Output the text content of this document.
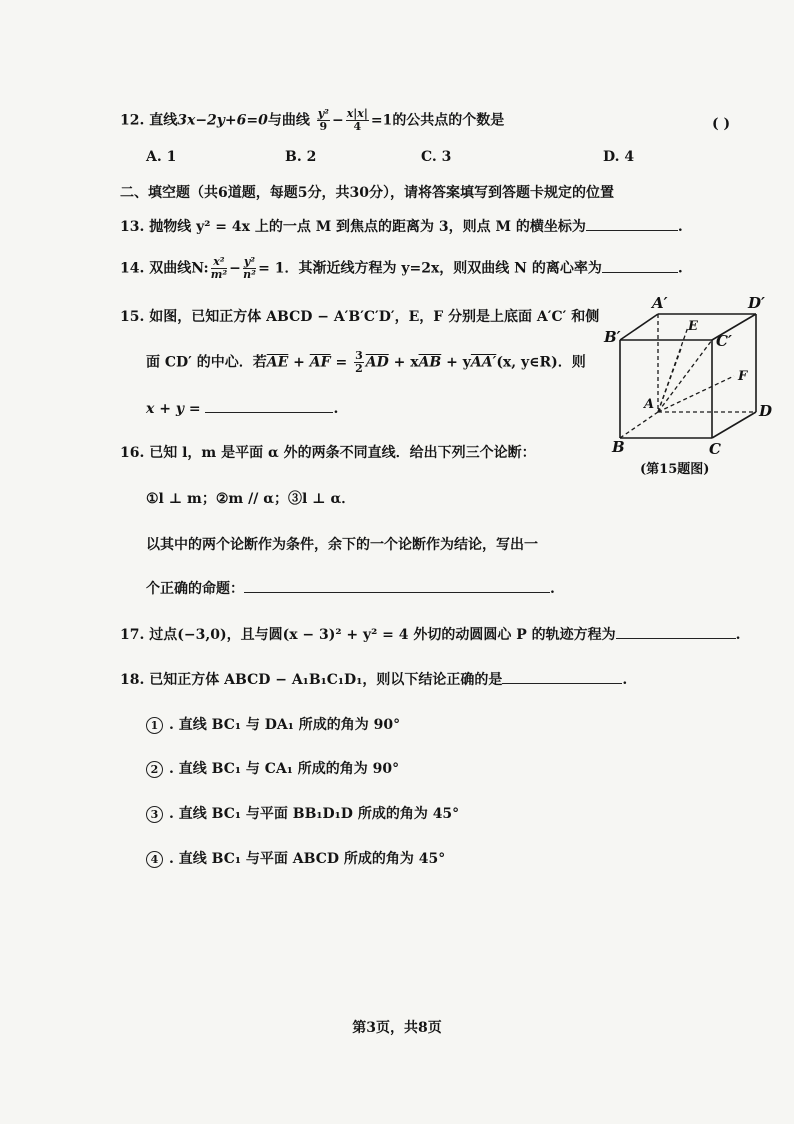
12. 直线3x−2y+6=0与曲线 $\frac{\text{y²}}{9} - \frac{x|x|}{4} =1$的公共点的个数是	( )
A. 1	B. 2	C. 3	D. 4
二、填空题（共6道题，每题5分，共30分），请将答案填写到答题卡规定的位置
13. 抛物线 y² = 4x 上的一点 M 到焦点的距离为 3，则点 M 的横坐标为	.
14. 双曲线N: $\frac{\text{x²}}{\text{m²}} - \frac{\text{y²}}{\text{n²}} = 1$．其渐近线方程为 y=2x，则双曲线 N 的离心率为	.
15. 如图，已知正方体 ABCD − A′B′C′D′，E，F 分别是上底面 A′C′ 和侧
面 CD′ 的中心．若$\overline{AE} + \overline{AF} = \frac{3}{2} \overline{AD} + x\overline{AB} + yAA'(x$, y∈R)．则
x + y =	.
A′	D′
B′	C′
E
F
A	D
B	C
(第15题图)
16. 已知 l，m 是平面 α 外的两条不同直线．给出下列三个论断：
①l ⊥ m；②m // α；③l ⊥ α．
以其中的两个论断作为条件，余下的一个论断作为结论，写出一
个正确的命题：	.
17. 过点(−3,0)，且与圆(x − 3)² + y² = 4 外切的动圆圆心 P 的轨迹方程为	.
18. 已知正方体 ABCD − A₁B₁C₁D₁，则以下结论正确的是	.
1 . 直线 BC₁ 与 DA₁ 所成的角为 90°
2 . 直线 BC₁ 与 CA₁ 所成的角为 90°
3 . 直线 BC₁ 与平面 BB₁D₁D 所成的角为 45°
4 . 直线 BC₁ 与平面 ABCD 所成的角为 45°
第3页，共8页
